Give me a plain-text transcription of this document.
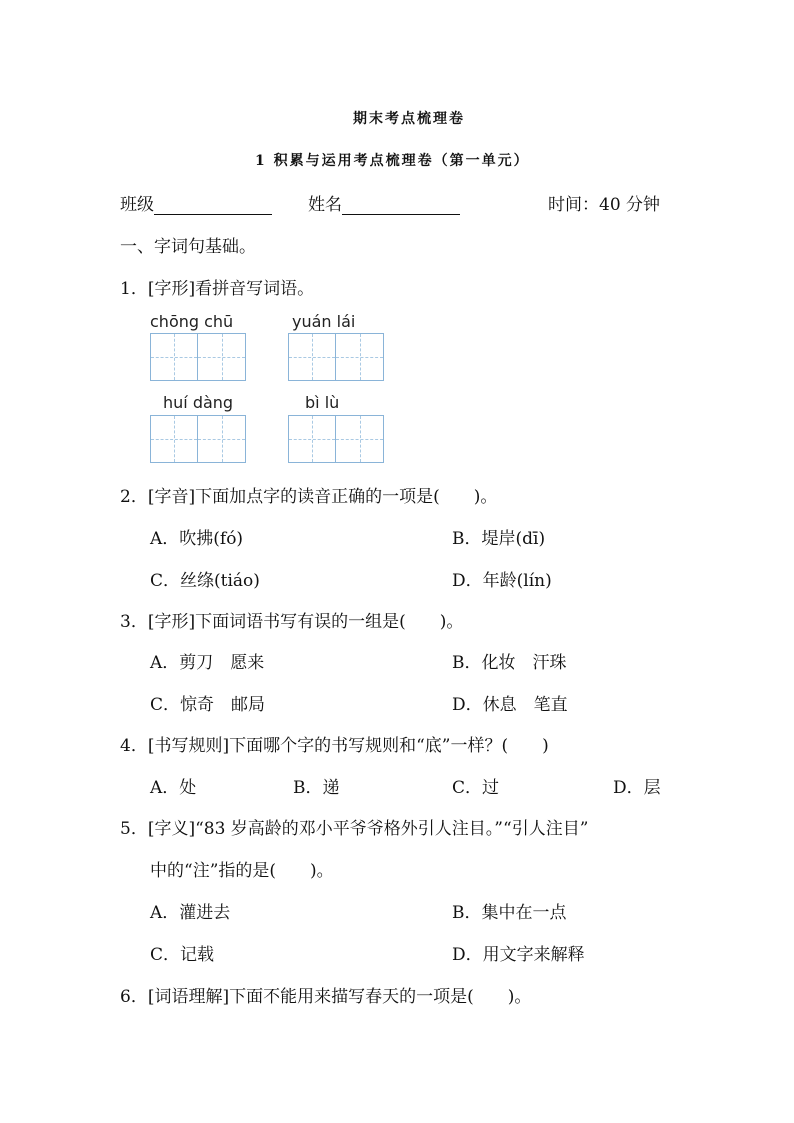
期末考点梳理卷
1 积累与运用考点梳理卷（第一单元）
班级	姓名	时间：40 分钟
一、字词句基础。
1．[字形]看拼音写词语。
chōng chū	yuán lái
huí dàng	bì lù
2．[字音]下面加点字的读音正确的一项是(　　)。
A．吹拂(fó)	B．堤岸(dī)
C．丝绦(tiáo)	D．年龄(lín)
3．[字形]下面词语书写有误的一组是(　　)。
A．剪刀　愿来	B．化妆　汗珠
C．惊奇　邮局	D．休息　笔直
4．[书写规则]下面哪个字的书写规则和“底”一样？(　　)
A．处	B．递	C．过	D．层
5．[字义]“83 岁高龄的邓小平爷爷格外引人注目。”“引人注目”
中的“注”指的是(　　)。
A．灌进去	B．集中在一点
C．记载	D．用文字来解释
6．[词语理解]下面不能用来描写春天的一项是(　　)。
